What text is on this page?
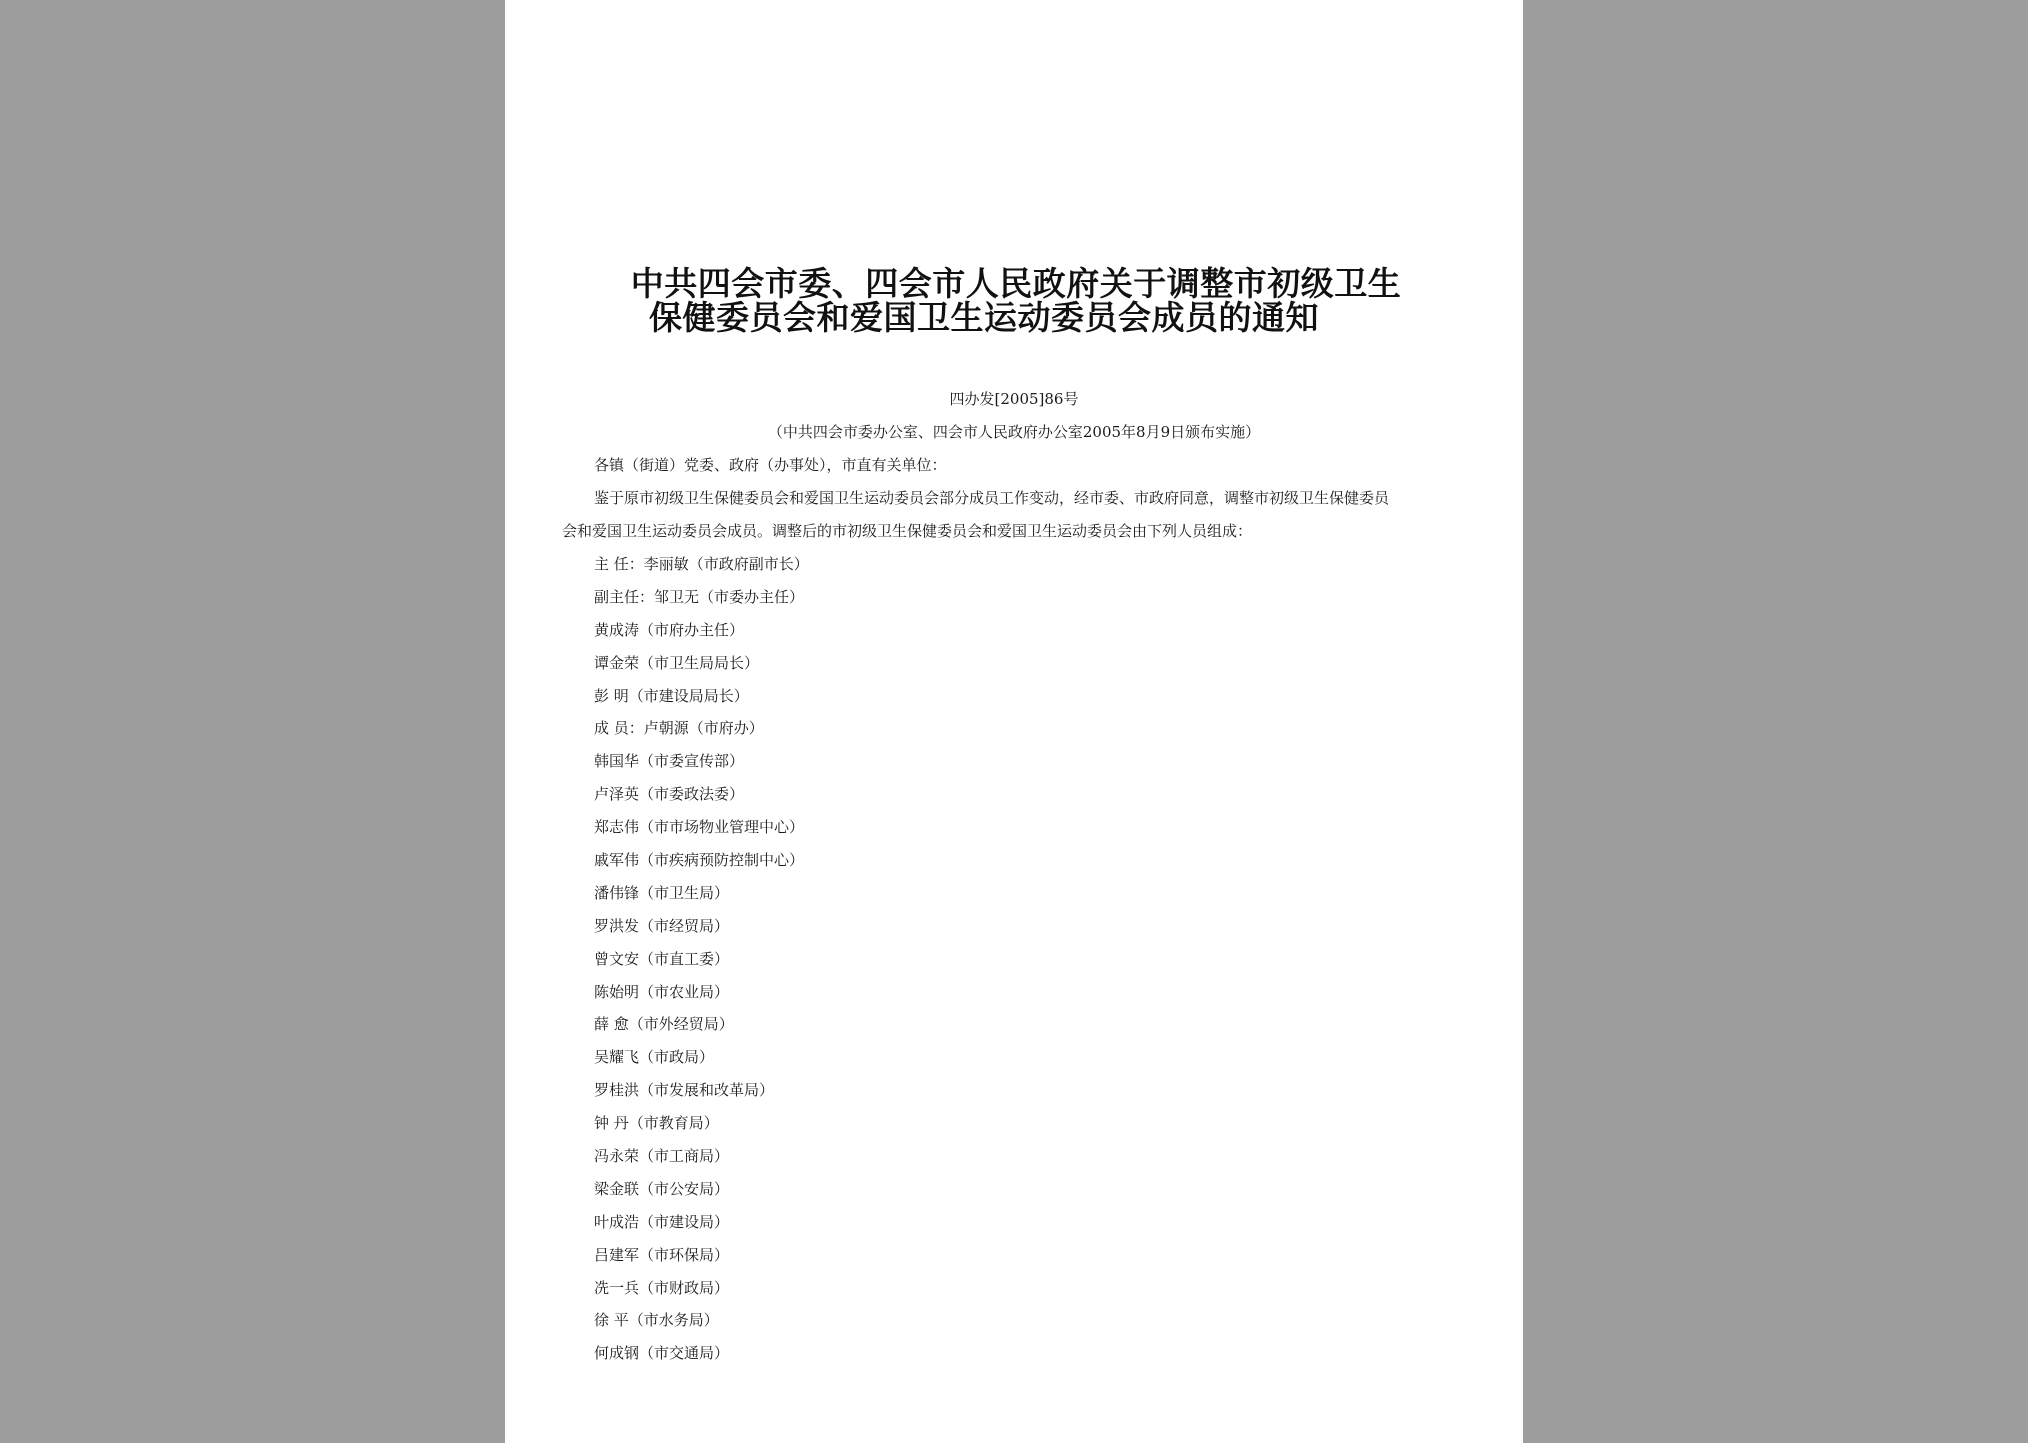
中共四会市委、四会市人民政府关于调整市初级卫生
保健委员会和爱国卫生运动委员会成员的通知
四办发[2005]86号
（中共四会市委办公室、四会市人民政府办公室2005年8月9日颁布实施）
各镇（街道）党委、政府（办事处），市直有关单位：
鉴于原市初级卫生保健委员会和爱国卫生运动委员会部分成员工作变动，经市委、市政府同意，调整市初级卫生保健委员
会和爱国卫生运动委员会成员。调整后的市初级卫生保健委员会和爱国卫生运动委员会由下列人员组成：
主 任：李丽敏（市政府副市长）
副主任：邹卫无（市委办主任）
黄成涛（市府办主任）
谭金荣（市卫生局局长）
彭 明（市建设局局长）
成 员：卢朝源（市府办）
韩国华（市委宣传部）
卢泽英（市委政法委）
郑志伟（市市场物业管理中心）
戚军伟（市疾病预防控制中心）
潘伟锋（市卫生局）
罗洪发（市经贸局）
曾文安（市直工委）
陈始明（市农业局）
薛 愈（市外经贸局）
吴耀飞（市政局）
罗桂洪（市发展和改革局）
钟 丹（市教育局）
冯永荣（市工商局）
梁金联（市公安局）
叶成浩（市建设局）
吕建军（市环保局）
冼一兵（市财政局）
徐 平（市水务局）
何成钢（市交通局）
